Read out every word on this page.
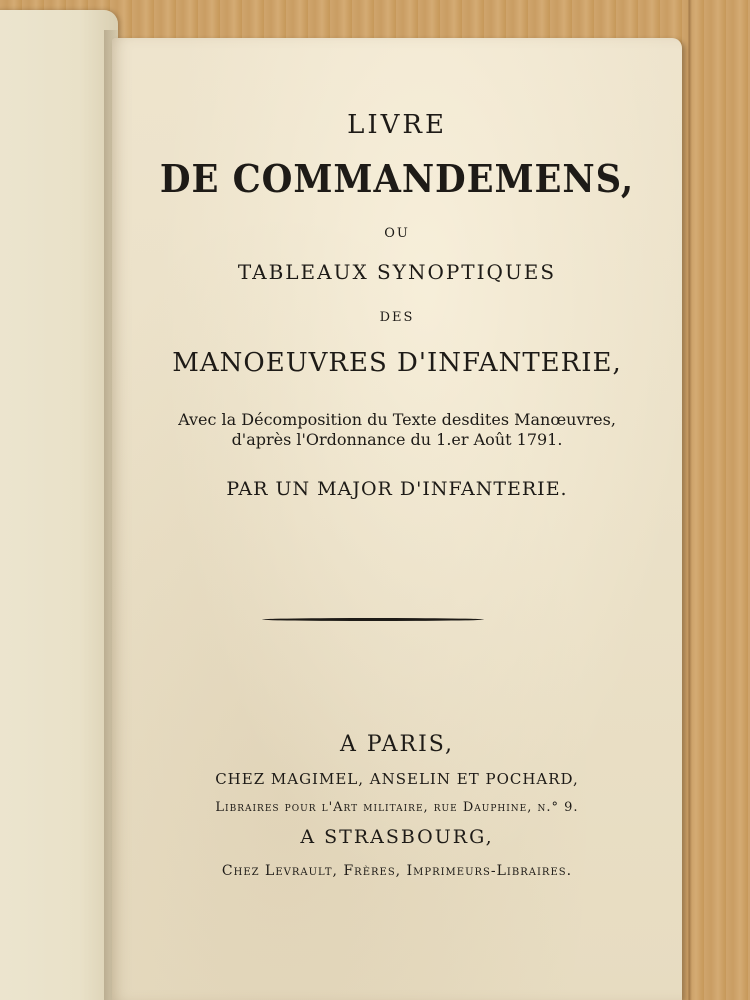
LIVRE
DE COMMANDEMENS,
OU
TABLEAUX SYNOPTIQUES
DES
MANOEUVRES D'INFANTERIE,
Avec la Décomposition du Texte desdites Manœuvres,
d'après l'Ordonnance du 1.er Août 1791.
PAR UN MAJOR D'INFANTERIE.
A PARIS,
CHEZ MAGIMEL, ANSELIN ET POCHARD,
Libraires pour l'Art militaire, rue Dauphine, n.° 9.
A STRASBOURG,
Chez Levrault, Frères, Imprimeurs-Libraires.
